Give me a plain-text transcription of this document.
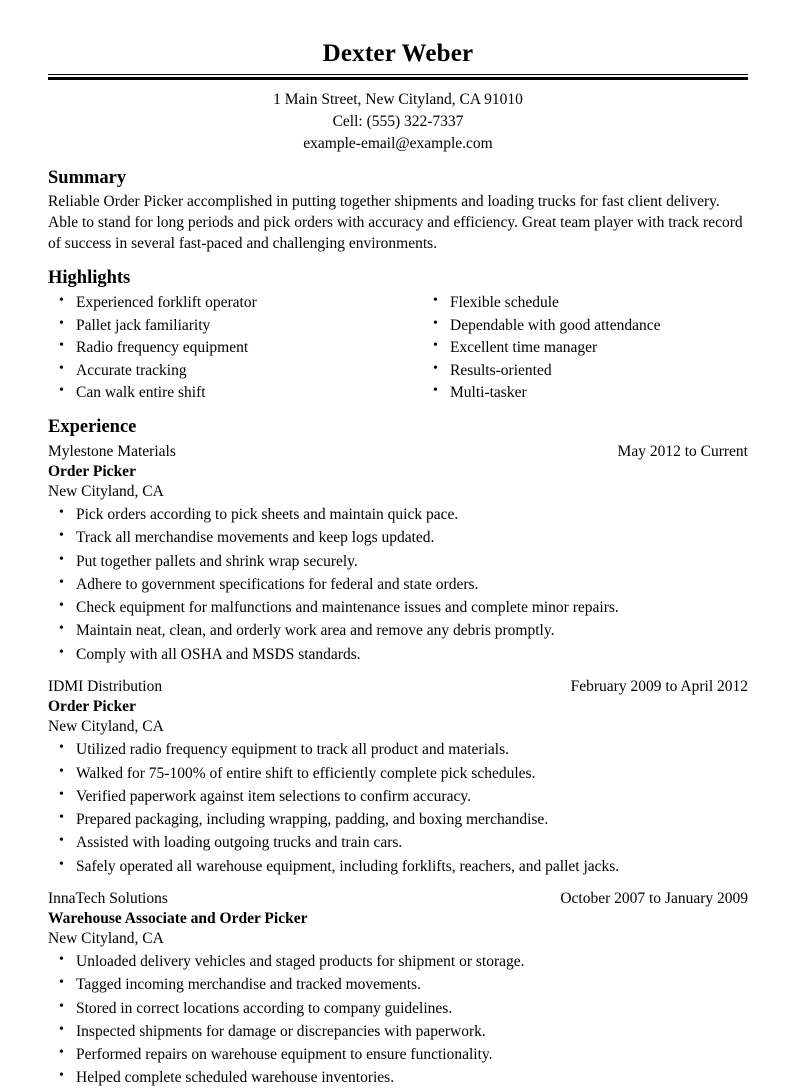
Dexter Weber
1 Main Street, New Cityland, CA 91010
Cell: (555) 322-7337
example-email@example.com
Summary

Reliable Order Picker accomplished in putting together shipments and loading trucks for fast client delivery. Able to stand for long periods and pick orders with accuracy and efficiency. Great team player with track record of success in several fast-paced and challenging environments.

Highlights
• Experienced forklift operator
• Pallet jack familiarity
• Radio frequency equipment
• Accurate tracking
• Can walk entire shift
• Flexible schedule
• Dependable with good attendance
• Excellent time manager
• Results-oriented
• Multi-tasker
Experience
Mylestone Materials	May 2012 to Current
Order Picker
New Cityland, CA
• Pick orders according to pick sheets and maintain quick pace.
• Track all merchandise movements and keep logs updated.
• Put together pallets and shrink wrap securely.
• Adhere to government specifications for federal and state orders.
• Check equipment for malfunctions and maintenance issues and complete minor repairs.
• Maintain neat, clean, and orderly work area and remove any debris promptly.
• Comply with all OSHA and MSDS standards.
IDMI Distribution	February 2009 to April 2012
Order Picker
New Cityland, CA
• Utilized radio frequency equipment to track all product and materials.
• Walked for 75-100% of entire shift to efficiently complete pick schedules.
• Verified paperwork against item selections to confirm accuracy.
• Prepared packaging, including wrapping, padding, and boxing merchandise.
• Assisted with loading outgoing trucks and train cars.
• Safely operated all warehouse equipment, including forklifts, reachers, and pallet jacks.
InnaTech Solutions	October 2007 to January 2009
Warehouse Associate and Order Picker
New Cityland, CA
• Unloaded delivery vehicles and staged products for shipment or storage.
• Tagged incoming merchandise and tracked movements.
• Stored in correct locations according to company guidelines.
• Inspected shipments for damage or discrepancies with paperwork.
• Performed repairs on warehouse equipment to ensure functionality.
• Helped complete scheduled warehouse inventories.
